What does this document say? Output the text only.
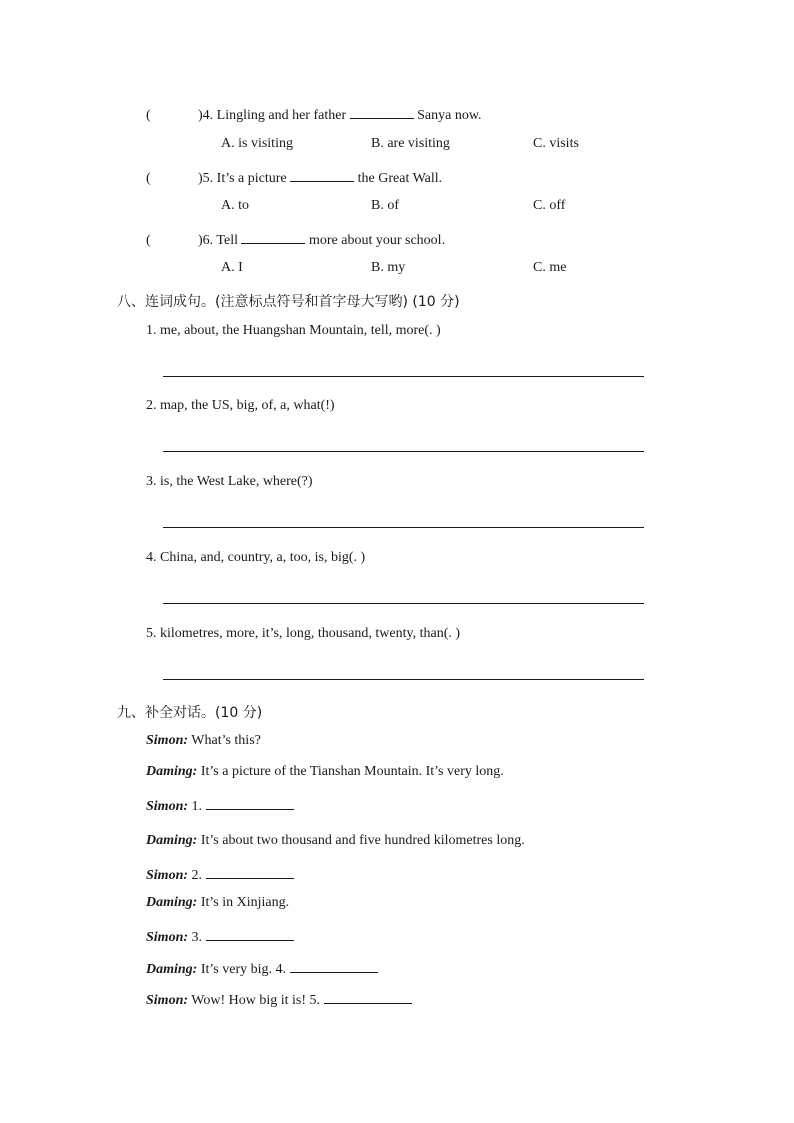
(	)4. Lingling and her father	Sanya now.
A. is visiting	B. are visiting	C. visits
(	)5. It’s a picture	the Great Wall.
A. to	B. of	C. off
(	)6. Tell	more about your school.
A. I	B. my	C. me
八、连词成句。(注意标点符号和首字母大写哟) (10 分)
1. me, about, the Huangshan Mountain, tell, more(. )
2. map, the US, big, of, a, what(!)
3. is, the West Lake, where(?)
4. China, and, country, a, too, is, big(. )
5. kilometres, more, it’s, long, thousand, twenty, than(. )
九、补全对话。(10 分)
Simon: What’s this?
Daming: It’s a picture of the Tianshan Mountain. It’s very long.
Simon: 1.
Daming: It’s about two thousand and five hundred kilometres long.
Simon: 2.
Daming: It’s in Xinjiang.
Simon: 3.
Daming: It’s very big. 4.
Simon: Wow! How big it is! 5.
